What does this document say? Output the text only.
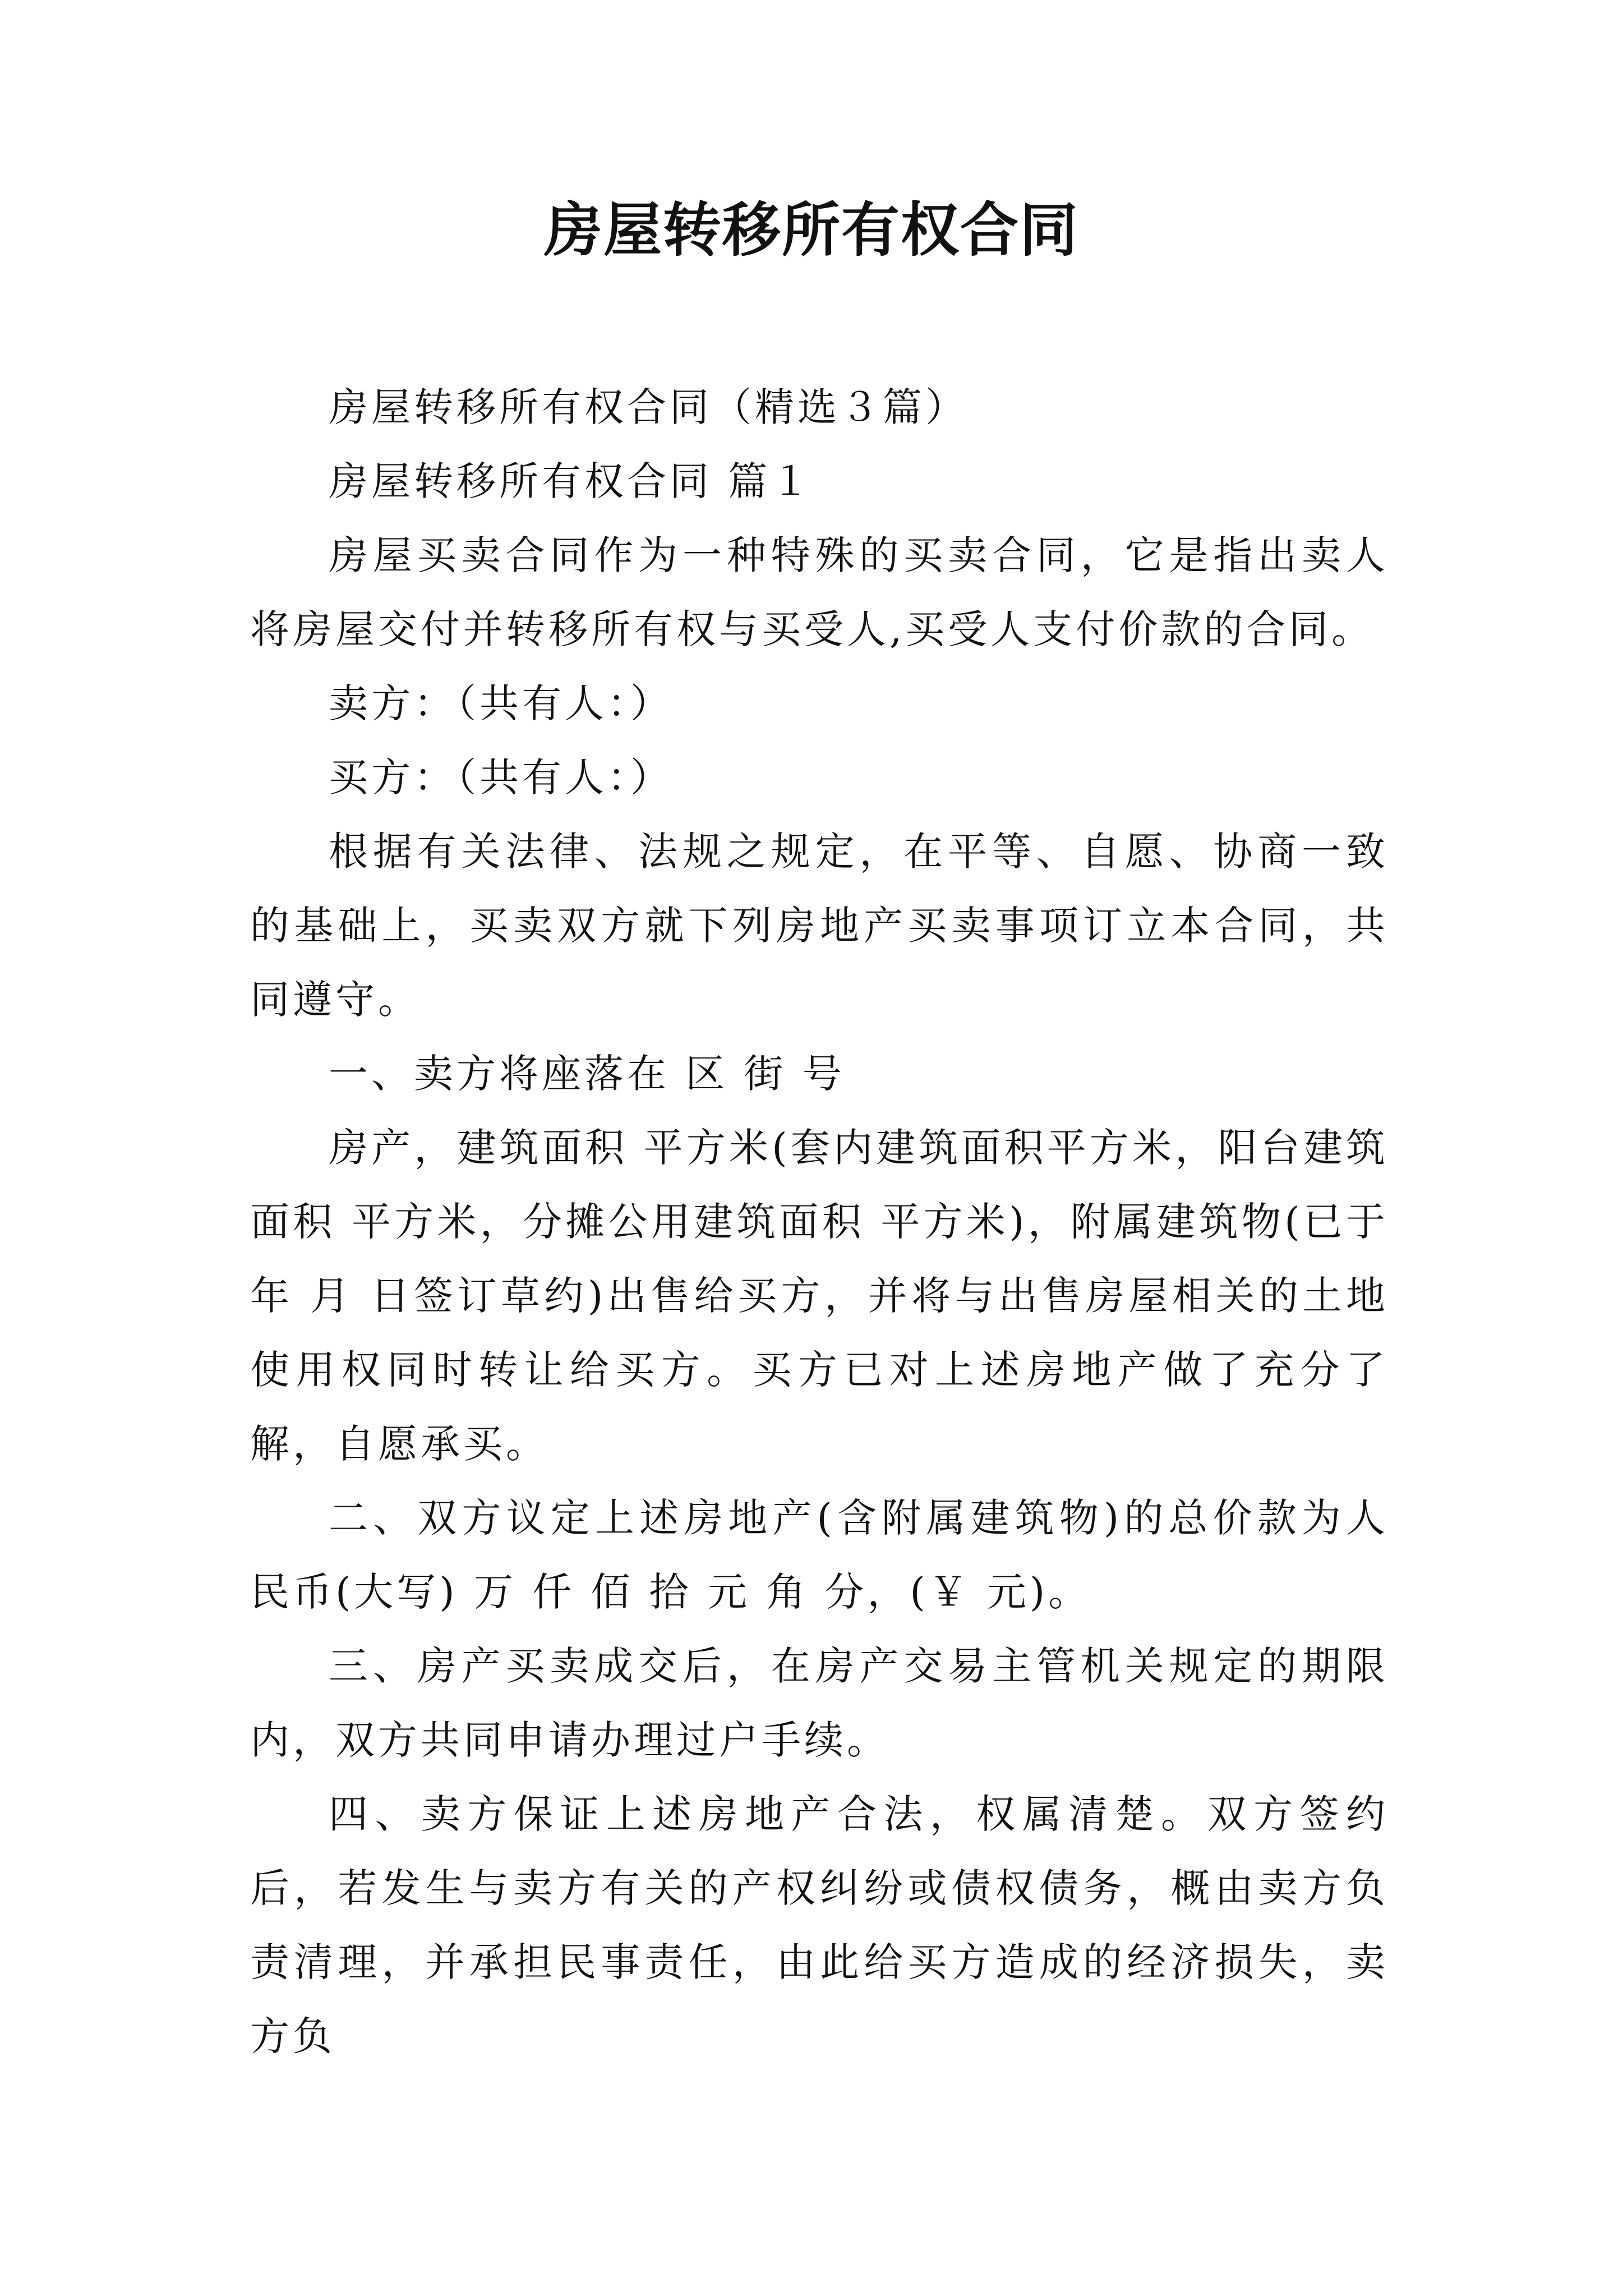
房屋转移所有权合同

房屋转移所有权合同（精选３篇）

房屋转移所有权合同 篇１

房屋买卖合同作为一种特殊的买卖合同，它是指出卖人将房屋交付并转移所有权与买受人,买受人支付价款的合同。

卖方：（共有人：）

买方：（共有人：）

根据有关法律、法规之规定，在平等、自愿、协商一致的基础上，买卖双方就下列房地产买卖事项订立本合同，共同遵守。

一、卖方将座落在 区 街 号

房产，建筑面积 平方米(套内建筑面积平方米，阳台建筑面积 平方米，分摊公用建筑面积 平方米)，附属建筑物(已于 年 月 日签订草约)出售给买方，并将与出售房屋相关的土地使用权同时转让给买方。买方已对上述房地产做了充分了解，自愿承买。

二、双方议定上述房地产(含附属建筑物)的总价款为人民币(大写) 万 仟 佰 拾 元 角 分，(￥ 元)。

三、房产买卖成交后，在房产交易主管机关规定的期限内，双方共同申请办理过户手续。

四、卖方保证上述房地产合法，权属清楚。双方签约后，若发生与卖方有关的产权纠纷或债权债务，概由卖方负责清理，并承担民事责任，由此给买方造成的经济损失，卖方负
